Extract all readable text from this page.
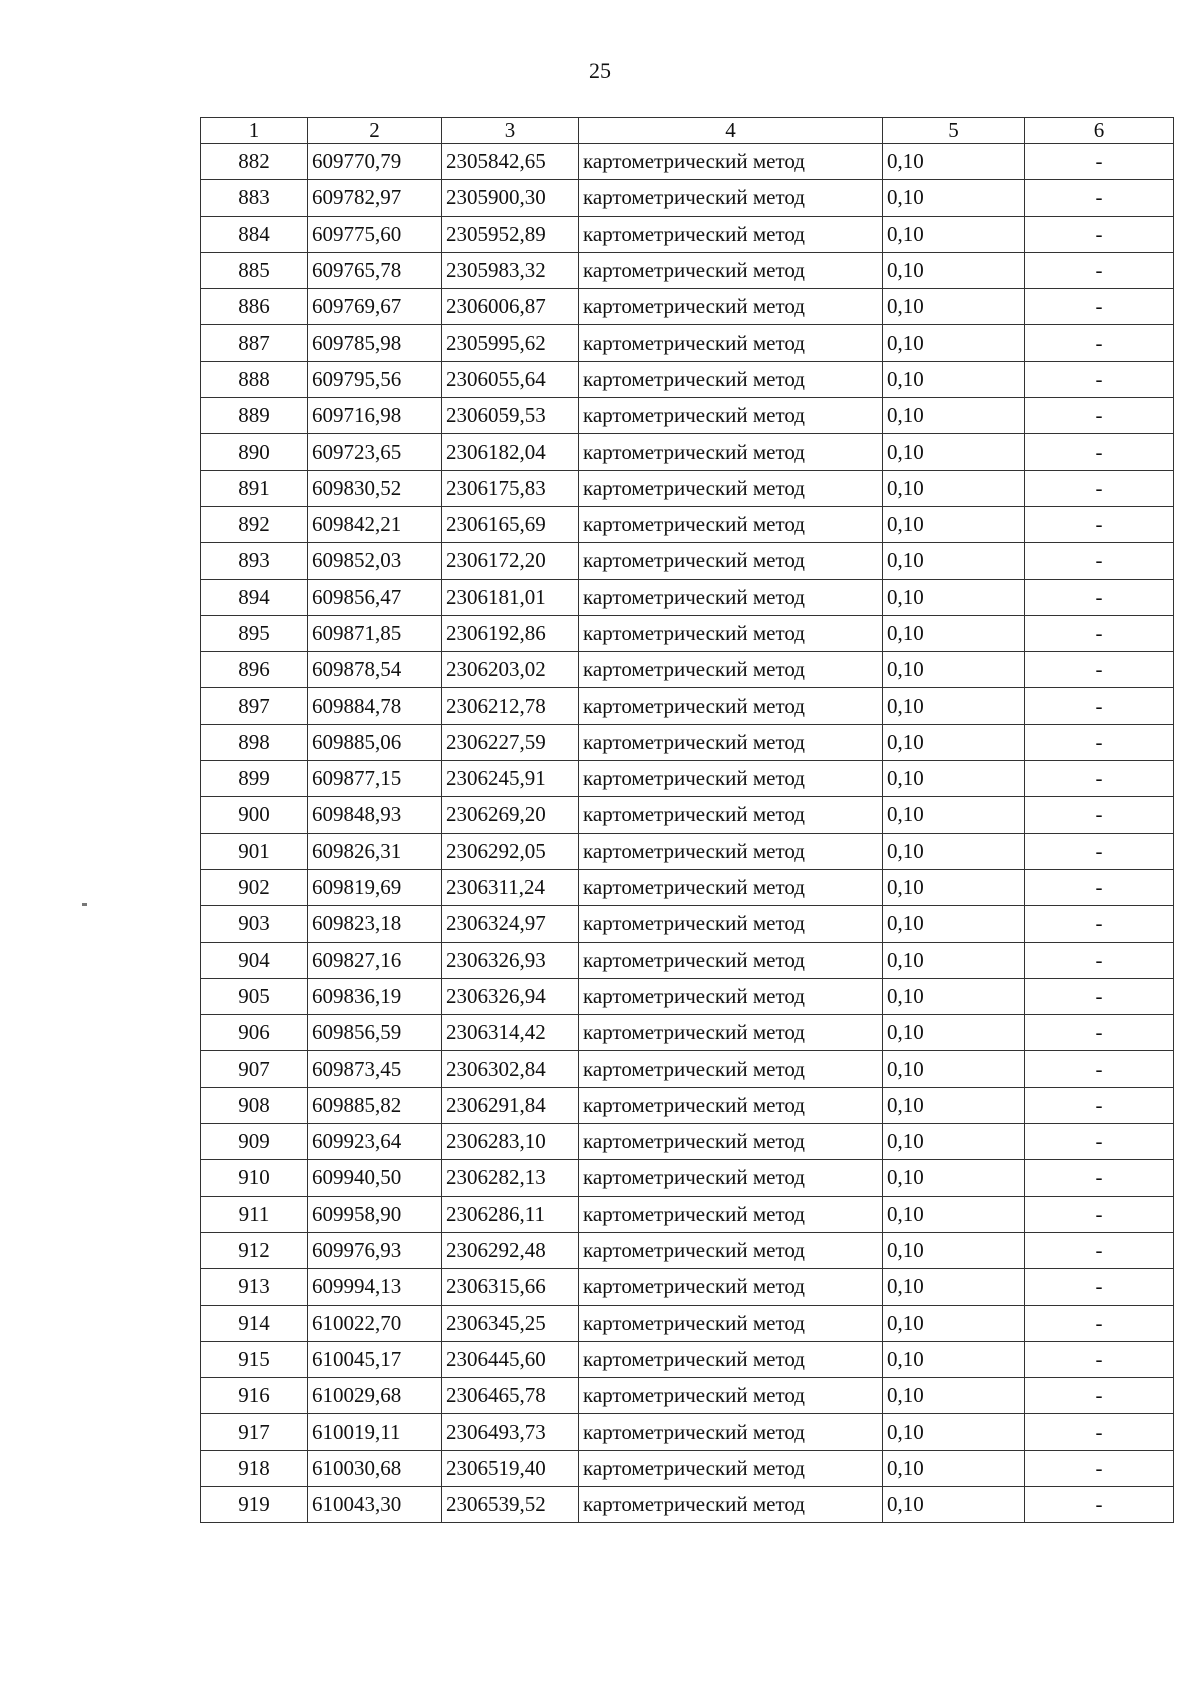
25
1	2	3	4	5	6
882	609770,79	2305842,65	картометрический метод	0,10	-
883	609782,97	2305900,30	картометрический метод	0,10	-
884	609775,60	2305952,89	картометрический метод	0,10	-
885	609765,78	2305983,32	картометрический метод	0,10	-
886	609769,67	2306006,87	картометрический метод	0,10	-
887	609785,98	2305995,62	картометрический метод	0,10	-
888	609795,56	2306055,64	картометрический метод	0,10	-
889	609716,98	2306059,53	картометрический метод	0,10	-
890	609723,65	2306182,04	картометрический метод	0,10	-
891	609830,52	2306175,83	картометрический метод	0,10	-
892	609842,21	2306165,69	картометрический метод	0,10	-
893	609852,03	2306172,20	картометрический метод	0,10	-
894	609856,47	2306181,01	картометрический метод	0,10	-
895	609871,85	2306192,86	картометрический метод	0,10	-
896	609878,54	2306203,02	картометрический метод	0,10	-
897	609884,78	2306212,78	картометрический метод	0,10	-
898	609885,06	2306227,59	картометрический метод	0,10	-
899	609877,15	2306245,91	картометрический метод	0,10	-
900	609848,93	2306269,20	картометрический метод	0,10	-
901	609826,31	2306292,05	картометрический метод	0,10	-
902	609819,69	2306311,24	картометрический метод	0,10	-
903	609823,18	2306324,97	картометрический метод	0,10	-
904	609827,16	2306326,93	картометрический метод	0,10	-
905	609836,19	2306326,94	картометрический метод	0,10	-
906	609856,59	2306314,42	картометрический метод	0,10	-
907	609873,45	2306302,84	картометрический метод	0,10	-
908	609885,82	2306291,84	картометрический метод	0,10	-
909	609923,64	2306283,10	картометрический метод	0,10	-
910	609940,50	2306282,13	картометрический метод	0,10	-
911	609958,90	2306286,11	картометрический метод	0,10	-
912	609976,93	2306292,48	картометрический метод	0,10	-
913	609994,13	2306315,66	картометрический метод	0,10	-
914	610022,70	2306345,25	картометрический метод	0,10	-
915	610045,17	2306445,60	картометрический метод	0,10	-
916	610029,68	2306465,78	картометрический метод	0,10	-
917	610019,11	2306493,73	картометрический метод	0,10	-
918	610030,68	2306519,40	картометрический метод	0,10	-
919	610043,30	2306539,52	картометрический метод	0,10	-
